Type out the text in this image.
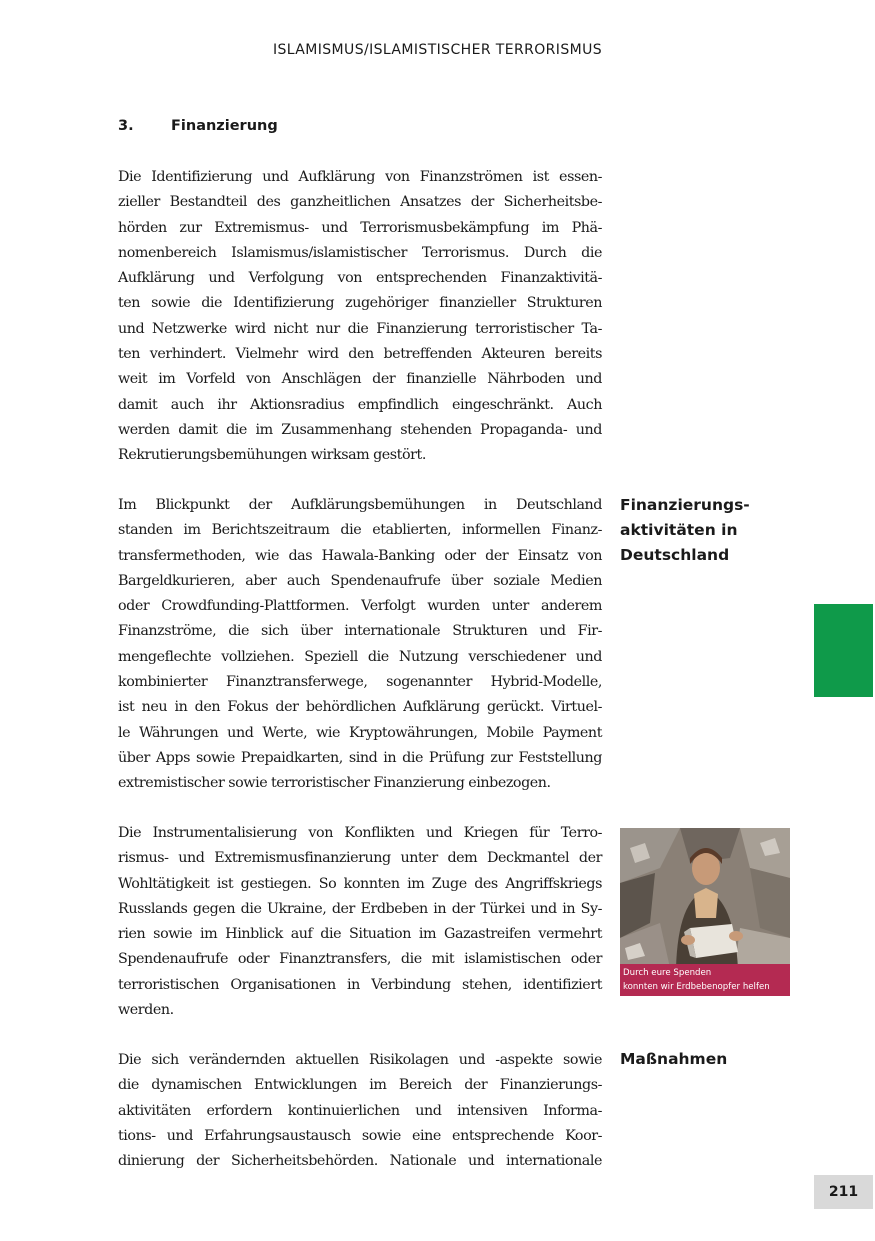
ISLAMISMUS/ISLAMISTISCHER TERRORISMUS
3.	Finanzierung

Die Identifizierung und Aufklärung von Finanzströmen ist essen-
zieller Bestandteil des ganzheitlichen Ansatzes der Sicherheitsbe-
hörden zur Extremismus- und Terrorismusbekämpfung im Phä-
nomenbereich Islamismus/islamistischer Terrorismus. Durch die
Aufklärung und Verfolgung von entsprechenden Finanzaktivitä-
ten sowie die Identifizierung zugehöriger finanzieller Strukturen
und Netzwerke wird nicht nur die Finanzierung terroristischer Ta-
ten verhindert. Vielmehr wird den betreffenden Akteuren bereits
weit im Vorfeld von Anschlägen der finanzielle Nährboden und
damit auch ihr Aktionsradius empfindlich eingeschränkt. Auch
werden damit die im Zusammenhang stehenden Propaganda- und
Rekrutierungsbemühungen wirksam gestört.

Im Blickpunkt der Aufklärungsbemühungen in Deutschland
standen im Berichtszeitraum die etablierten, informellen Finanz-
transfermethoden, wie das Hawala-Banking oder der Einsatz von
Bargeldkurieren, aber auch Spendenaufrufe über soziale Medien
oder Crowdfunding-Plattformen. Verfolgt wurden unter anderem
Finanzströme, die sich über internationale Strukturen und Fir-
mengeflechte vollziehen. Speziell die Nutzung verschiedener und
kombinierter Finanztransferwege, sogenannter Hybrid-Modelle,
ist neu in den Fokus der behördlichen Aufklärung gerückt. Virtuel-
le Währungen und Werte, wie Kryptowährungen, Mobile Payment
über Apps sowie Prepaidkarten, sind in die Prüfung zur Feststellung
extremistischer sowie terroristischer Finanzierung einbezogen.

Die Instrumentalisierung von Konflikten und Kriegen für Terro-
rismus- und Extremismusfinanzierung unter dem Deckmantel der
Wohltätigkeit ist gestiegen. So konnten im Zuge des Angriffskriegs
Russlands gegen die Ukraine, der Erdbeben in der Türkei und in Sy-
rien sowie im Hinblick auf die Situation im Gazastreifen vermehrt
Spendenaufrufe oder Finanztransfers, die mit islamistischen oder
terroristischen Organisationen in Verbindung stehen, identifiziert
werden.

Die sich verändernden aktuellen Risikolagen und -aspekte sowie
die dynamischen Entwicklungen im Bereich der Finanzierungs-
aktivitäten erfordern kontinuierlichen und intensiven Informa-
tions- und Erfahrungsaustausch sowie eine entsprechende Koor-
dinierung der Sicherheitsbehörden. Nationale und internationale

Finanzierungs-
aktivitäten in
Deutschland
Maßnahmen
Durch eure Spenden
konnten wir Erdbebenopfer helfen
211
